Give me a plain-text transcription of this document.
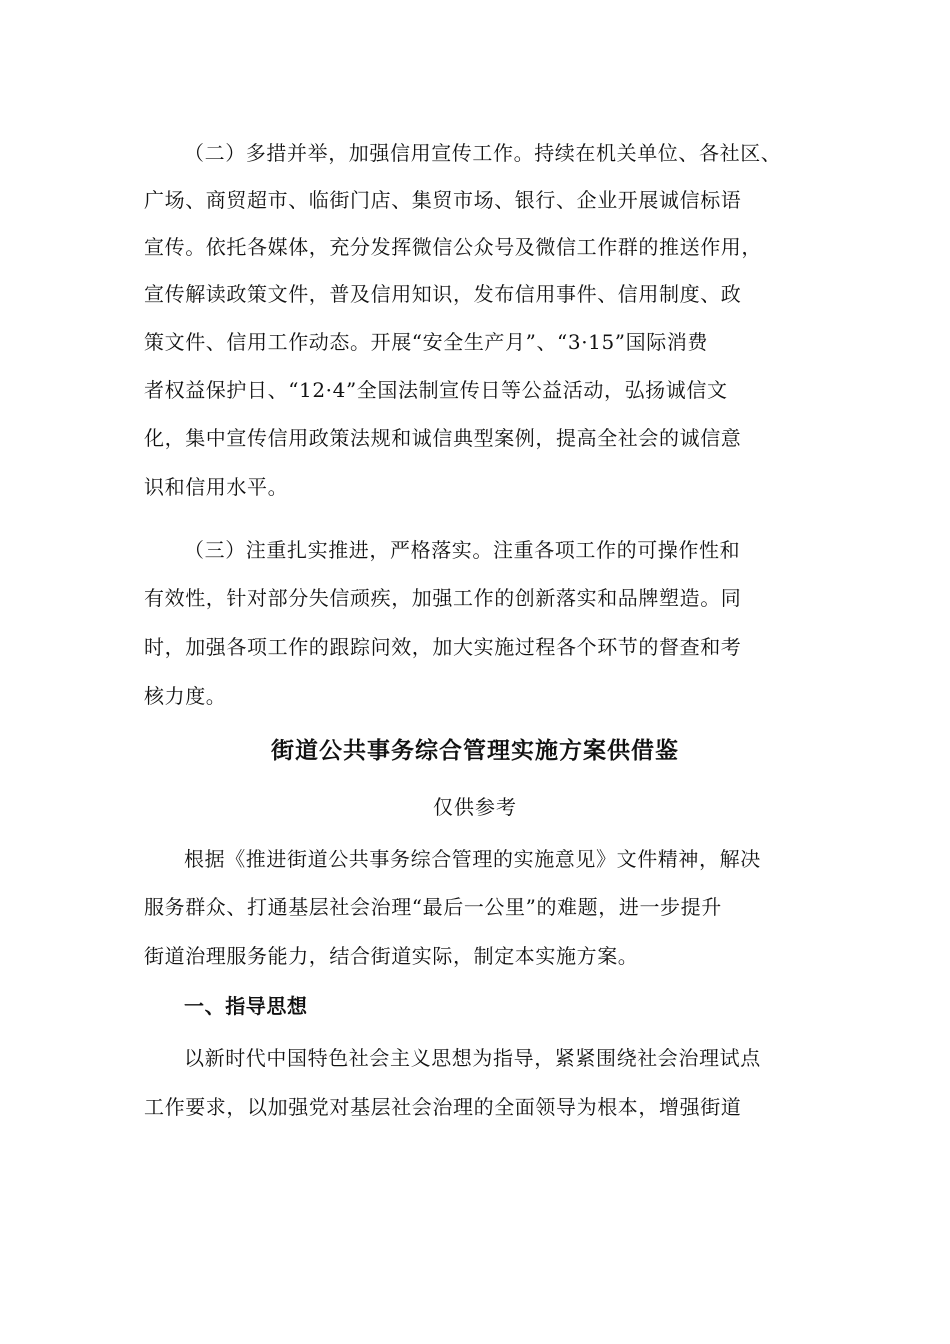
（二）多措并举，加强信用宣传工作。持续在机关单位、各社区、
广场、商贸超市、临街门店、集贸市场、银行、企业开展诚信标语
宣传。依托各媒体，充分发挥微信公众号及微信工作群的推送作用，
宣传解读政策文件，普及信用知识，发布信用事件、信用制度、政
策文件、信用工作动态。开展“安全生产月”、“3·15”国际消费
者权益保护日、“12·4”全国法制宣传日等公益活动，弘扬诚信文
化，集中宣传信用政策法规和诚信典型案例，提高全社会的诚信意
识和信用水平。
（三）注重扎实推进，严格落实。注重各项工作的可操作性和
有效性，针对部分失信顽疾，加强工作的创新落实和品牌塑造。同
时，加强各项工作的跟踪问效，加大实施过程各个环节的督查和考
核力度。
街道公共事务综合管理实施方案供借鉴
仅供参考
根据《推进街道公共事务综合管理的实施意见》文件精神，解决
服务群众、打通基层社会治理“最后一公里”的难题，进一步提升
街道治理服务能力，结合街道实际，制定本实施方案。
一、指导思想
以新时代中国特色社会主义思想为指导，紧紧围绕社会治理试点
工作要求，以加强党对基层社会治理的全面领导为根本，增强街道
